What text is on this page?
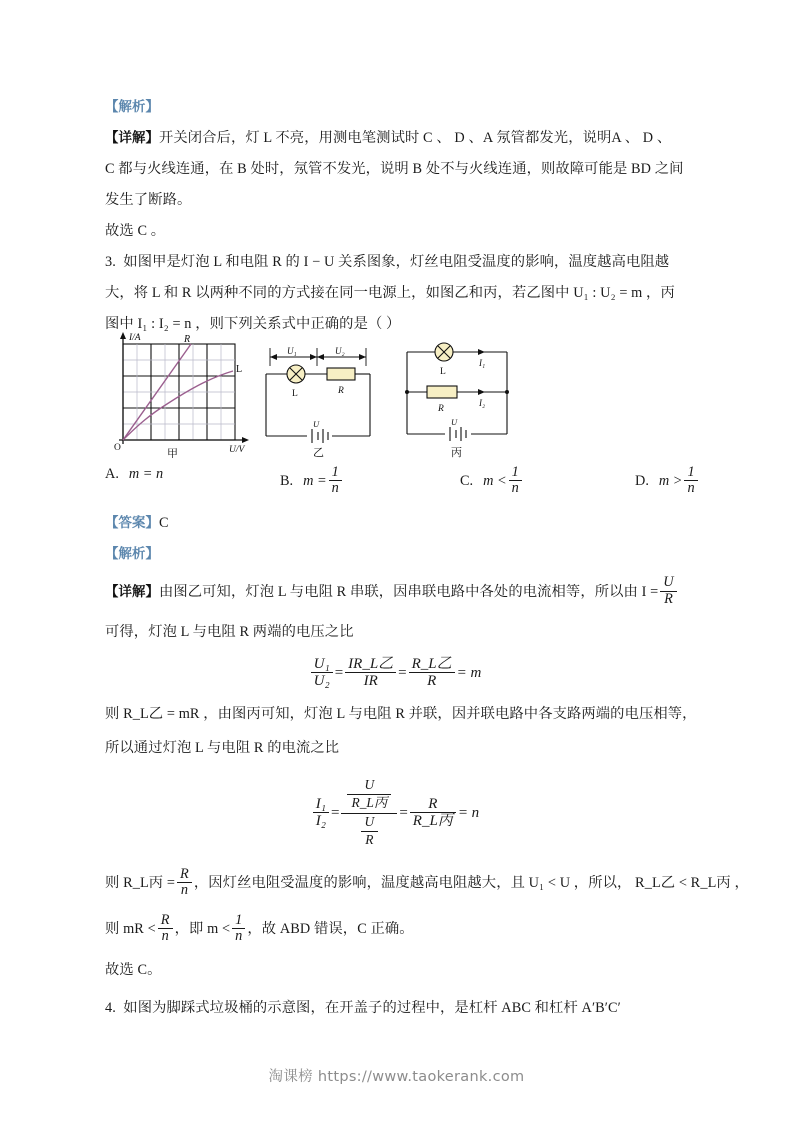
【解析】
【详解】开关闭合后，灯 L 不亮，用测电笔测试时 C 、 D 、A 氖管都发光，说明A 、 D 、
C 都与火线连通，在 B 处时，氖管不发光，说明 B 处不与火线连通，则故障可能是 BD 之间
发生了断路。
故选 C 。
3. 如图甲是灯泡 L 和电阻 R 的 I − U 关系图象，灯丝电阻受温度的影响，温度越高电阻越
大，将 L 和 R 以两种不同的方式接在同一电源上，如图乙和丙，若乙图中 U₁ : U₂ = m ，丙
图中 I₁ : I₂ = n ，则下列关系式中正确的是（ ）
I/A
U/V
O
R
L
甲
U₁	U₂
L	R
U
乙
L
R
I₁
I₂
U
丙
A. m = n	B. $m = \frac{1}{n}$	C. $m < \frac{1}{n}$	D. $m > \frac{1}{n}$
【答案】C
【解析】
【详解】由图乙可知，灯泡 L 与电阻 R 串联，因串联电路中各处的电流相等，所以由 $I = \frac{U}{R}$
可得，灯泡 L 与电阻 R 两端的电压之比
$\frac{\text{U₁}}{\text{U₂}} = \frac{\text{IR\_L乙}}{IR} = \frac{\text{R\_L乙}}{R} = m$
则 R_L乙 = mR ，由图丙可知，灯泡 L 与电阻 R 并联，因并联电路中各支路两端的电压相等，
所以通过灯泡 L 与电阻 R 的电流之比
$\frac{\text{I₁}}{\text{I₂}} = \frac{\frac{U}{\text{R\_L丙}}}{\frac{U}{R}} = \frac{R}{\text{R\_L丙}} = n$
则 R_L丙 = $\frac{R}{n}$ ，因灯丝电阻受温度的影响，温度越高电阻越大，且 U₁ < U ，所以， R_L乙 < R_L丙 ，
则 mR < $\frac{R}{n}$ ，即 $m < \frac{1}{n}$ ，故 ABD 错误，C 正确。
故选 C。
4. 如图为脚踩式垃圾桶的示意图，在开盖子的过程中，是杠杆 ABC 和杠杆 A′B′C′
淘课榜 https://www.taokerank.com
